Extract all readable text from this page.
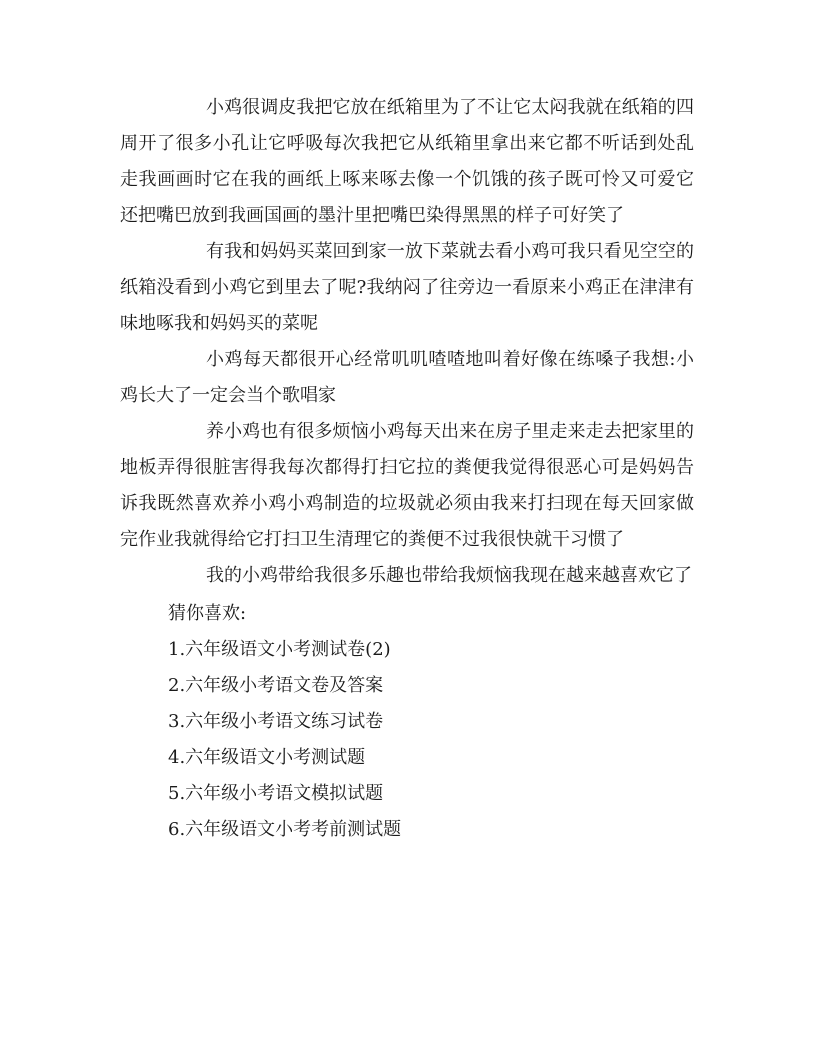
小鸡很调皮我把它放在纸箱里为了不让它太闷我就在纸箱的四周开了很多小孔让它呼吸每次我把它从纸箱里拿出来它都不听话到处乱走我画画时它在我的画纸上啄来啄去像一个饥饿的孩子既可怜又可爱它还把嘴巴放到我画国画的墨汁里把嘴巴染得黑黑的样子可好笑了

有我和妈妈买菜回到家一放下菜就去看小鸡可我只看见空空的纸箱没看到小鸡它到里去了呢?我纳闷了往旁边一看原来小鸡正在津津有味地啄我和妈妈买的菜呢

小鸡每天都很开心经常叽叽喳喳地叫着好像在练嗓子我想:小鸡长大了一定会当个歌唱家

养小鸡也有很多烦恼小鸡每天出来在房子里走来走去把家里的地板弄得很脏害得我每次都得打扫它拉的粪便我觉得很恶心可是妈妈告诉我既然喜欢养小鸡小鸡制造的垃圾就必须由我来打扫现在每天回家做完作业我就得给它打扫卫生清理它的粪便不过我很快就干习惯了

我的小鸡带给我很多乐趣也带给我烦恼我现在越来越喜欢它了

猜你喜欢:

1.六年级语文小考测试卷(2)
2.六年级小考语文卷及答案
3.六年级小考语文练习试卷
4.六年级语文小考测试题
5.六年级小考语文模拟试题
6.六年级语文小考考前测试题
